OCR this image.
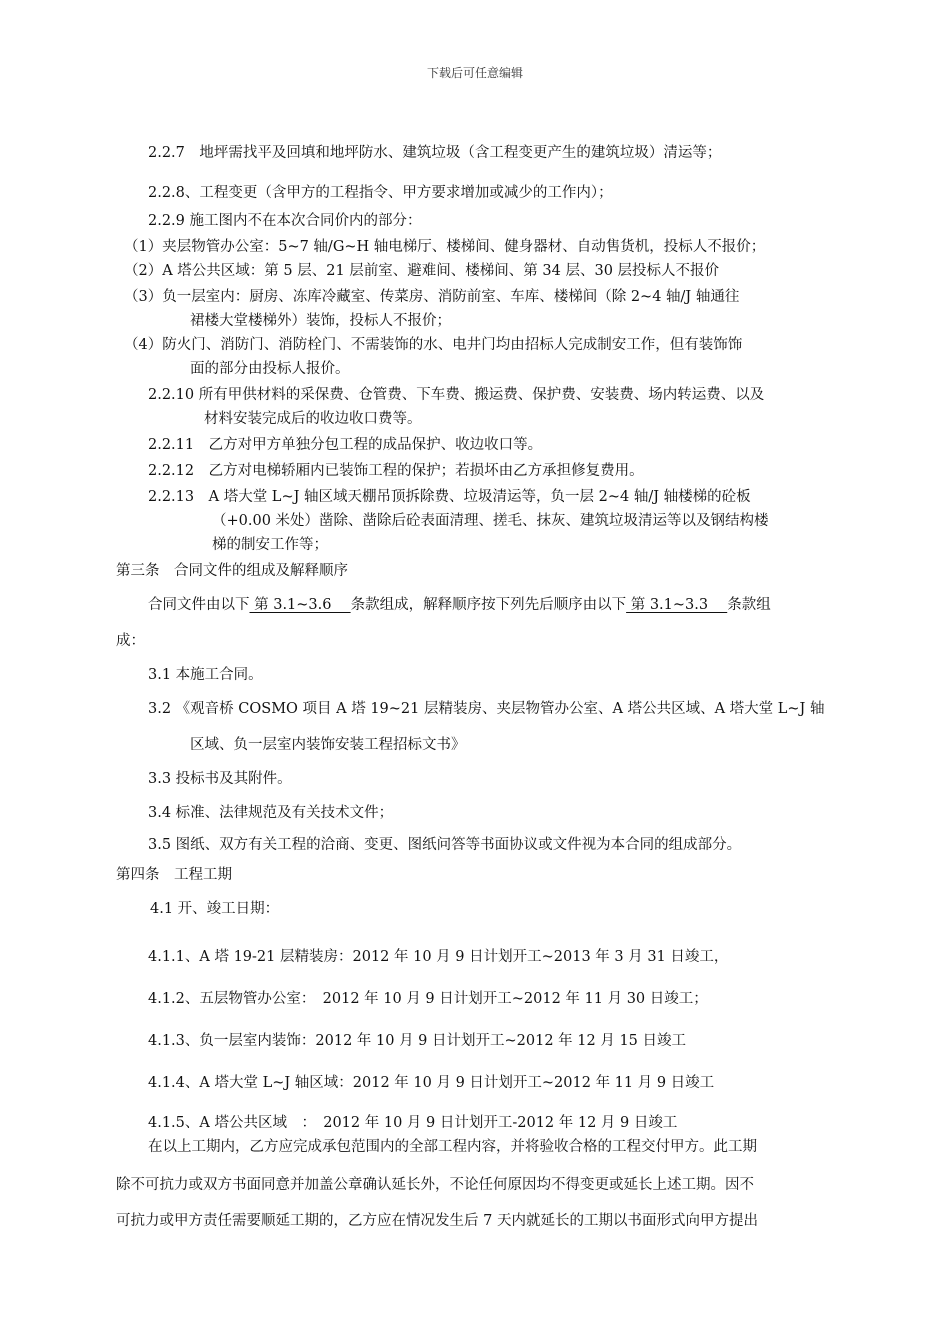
下载后可任意编辑
2.2.7　地坪需找平及回填和地坪防水、建筑垃圾（含工程变更产生的建筑垃圾）清运等；
2.2.8、工程变更（含甲方的工程指令、甲方要求增加或减少的工作内）；
2.2.9 施工图内不在本次合同价内的部分：
（1）夹层物管办公室：5~7 轴/G~H 轴电梯厅、楼梯间、健身器材、自动售货机，投标人不报价；
（2）A 塔公共区域：第 5 层、21 层前室、避难间、楼梯间、第 34 层、30 层投标人不报价
（3）负一层室内：厨房、冻库冷藏室、传菜房、消防前室、车库、楼梯间（除 2~4 轴/J 轴通往
裙楼大堂楼梯外）装饰，投标人不报价；
（4）防火门、消防门、消防栓门、不需装饰的水、电井门均由招标人完成制安工作，但有装饰饰
面的部分由投标人报价。
2.2.10 所有甲供材料的采保费、仓管费、下车费、搬运费、保护费、安装费、场内转运费、以及
材料安装完成后的收边收口费等。
2.2.11　乙方对甲方单独分包工程的成品保护、收边收口等。
2.2.12　乙方对电梯轿厢内已装饰工程的保护；若损坏由乙方承担修复费用。
2.2.13　A 塔大堂 L~J 轴区域天棚吊顶拆除费、垃圾清运等，负一层 2~4 轴/J 轴楼梯的砼板
（+0.00 米处）凿除、凿除后砼表面清理、搓毛、抹灰、建筑垃圾清运等以及钢结构楼
梯的制安工作等；
第三条　合同文件的组成及解释顺序
合同文件由以下 第 3.1~3.6　 条款组成，解释顺序按下列先后顺序由以下 第 3.1~3.3　 条款组
成：
3.1 本施工合同。
3.2 《观音桥 COSMO 项目 A 塔 19~21 层精装房、夹层物管办公室、A 塔公共区域、A 塔大堂 L~J 轴
区域、负一层室内装饰安装工程招标文书》
3.3 投标书及其附件。
3.4 标准、法律规范及有关技术文件；
3.5 图纸、双方有关工程的洽商、变更、图纸问答等书面协议或文件视为本合同的组成部分。
第四条　工程工期
4.1 开、竣工日期：
4.1.1、A 塔 19-21 层精装房：2012 年 10 月 9 日计划开工~2013 年 3 月 31 日竣工，
4.1.2、五层物管办公室：　2012 年 10 月 9 日计划开工~2012 年 11 月 30 日竣工；
4.1.3、负一层室内装饰：2012 年 10 月 9 日计划开工~2012 年 12 月 15 日竣工
4.1.4、A 塔大堂 L~J 轴区域：2012 年 10 月 9 日计划开工~2012 年 11 月 9 日竣工
4.1.5、A 塔公共区域　：　2012 年 10 月 9 日计划开工-2012 年 12 月 9 日竣工
在以上工期内，乙方应完成承包范围内的全部工程内容，并将验收合格的工程交付甲方。此工期
除不可抗力或双方书面同意并加盖公章确认延长外，不论任何原因均不得变更或延长上述工期。因不
可抗力或甲方责任需要顺延工期的，乙方应在情况发生后 7 天内就延长的工期以书面形式向甲方提出
